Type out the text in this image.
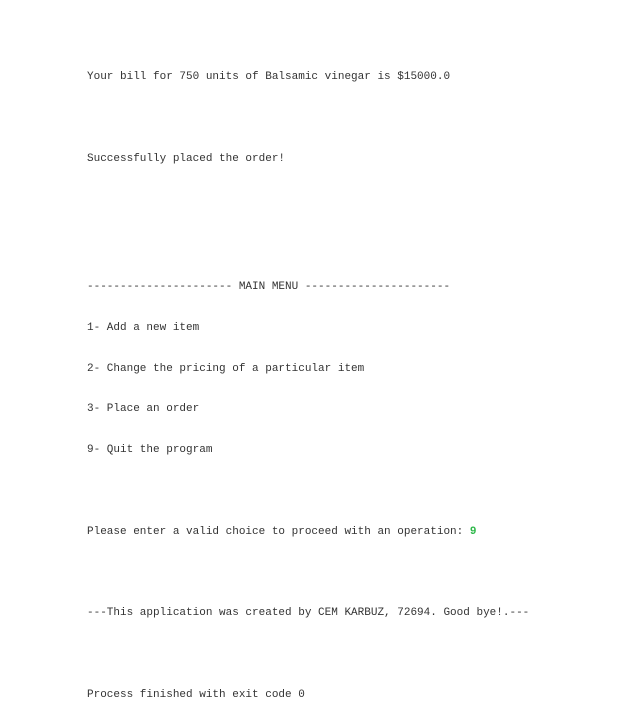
Your bill for 750 units of Balsamic vinegar is $15000.0

Successfully placed the order!

---------------------- MAIN MENU ----------------------

1- Add a new item

2- Change the pricing of a particular item

3- Place an order

9- Quit the program

Please enter a valid choice to proceed with an operation: 9

---This application was created by CEM KARBUZ, 72694. Good bye!.---

Process finished with exit code 0
